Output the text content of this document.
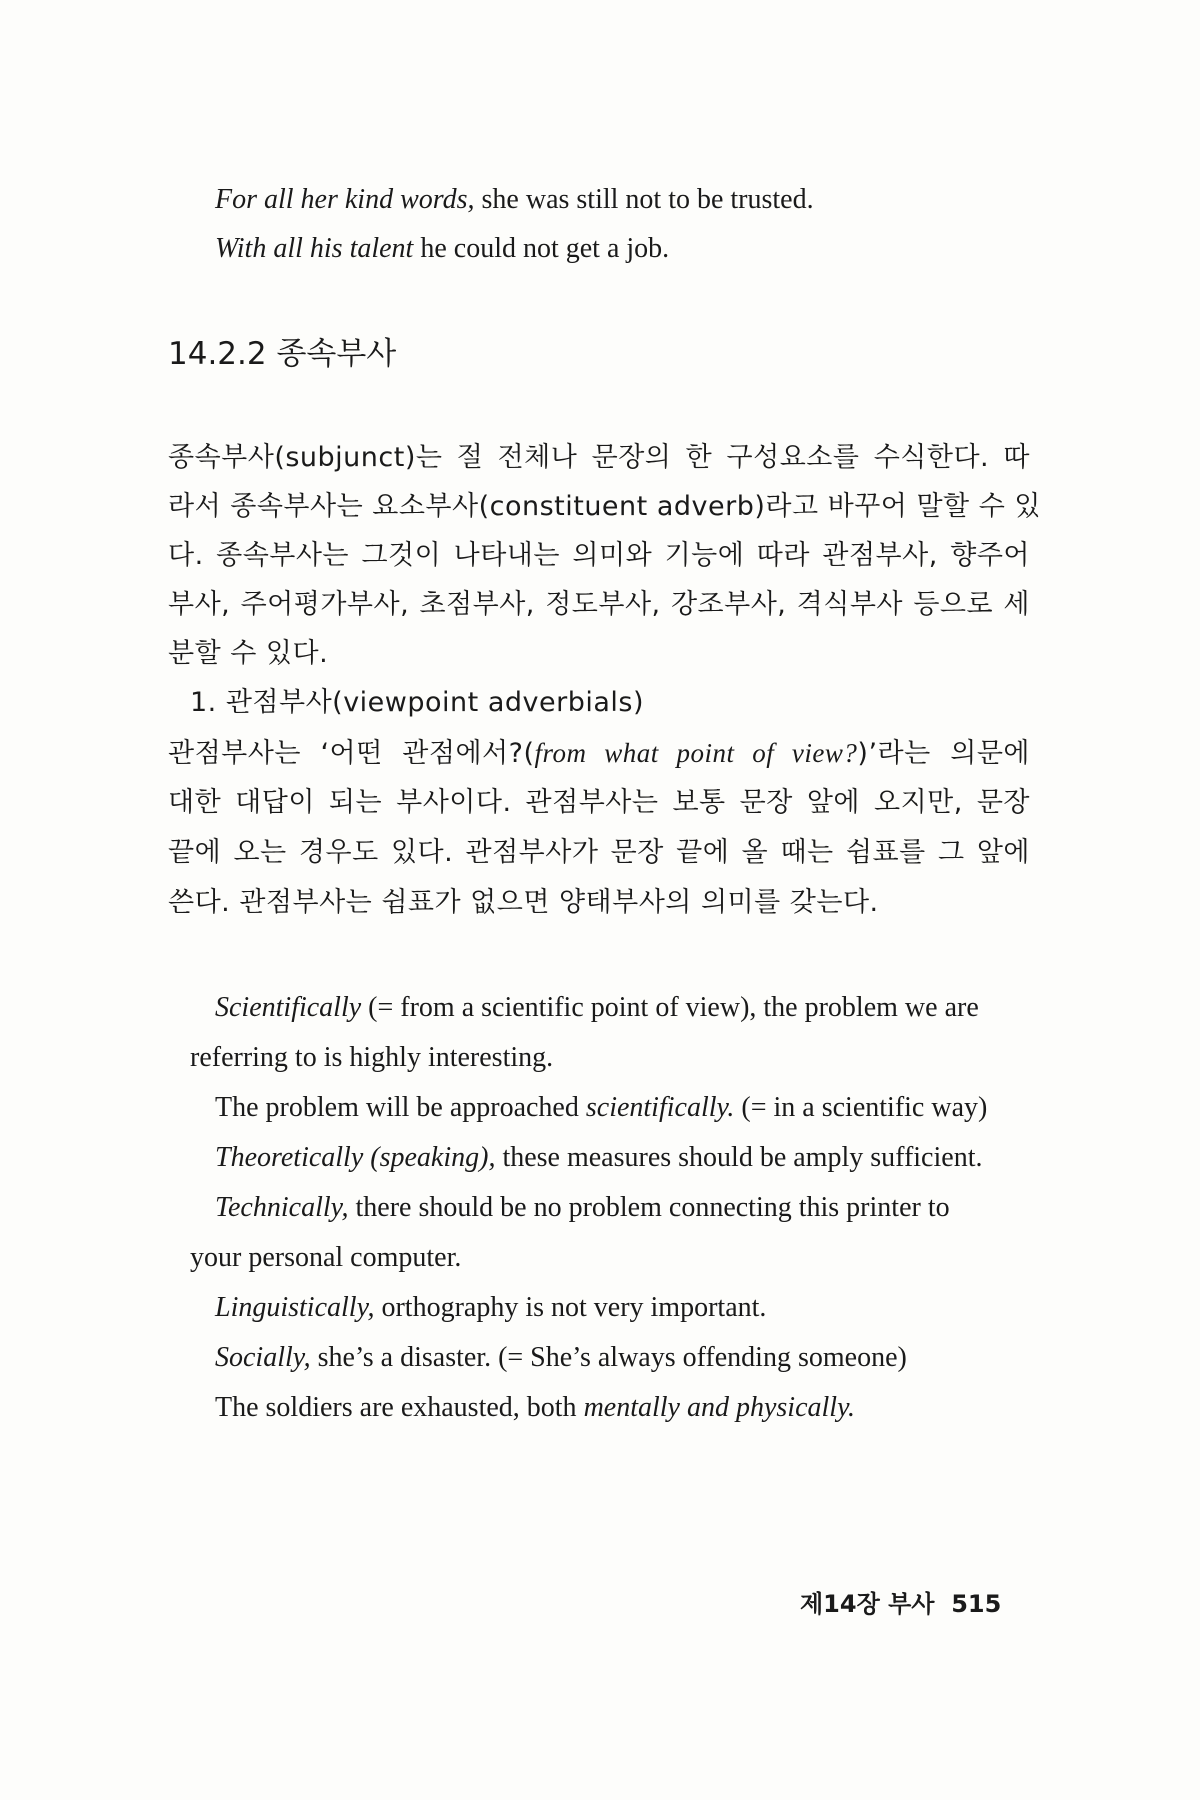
For all her kind words, she was still not to be trusted.
With all his talent he could not get a job.
14.2.2 종속부사
종속부사(subjunct)는 절 전체나 문장의 한 구성요소를 수식한다. 따
라서 종속부사는 요소부사(constituent adverb)라고 바꾸어 말할 수 있
다. 종속부사는 그것이 나타내는 의미와 기능에 따라 관점부사, 향주어
부사, 주어평가부사, 초점부사, 정도부사, 강조부사, 격식부사 등으로 세
분할 수 있다.
1. 관점부사(viewpoint adverbials)
관점부사는 ‘어떤 관점에서?(from what point of view?)’라는 의문에
대한 대답이 되는 부사이다. 관점부사는 보통 문장 앞에 오지만, 문장
끝에 오는 경우도 있다. 관점부사가 문장 끝에 올 때는 쉼표를 그 앞에
쓴다. 관점부사는 쉼표가 없으면 양태부사의 의미를 갖는다.
Scientifically (= from a scientific point of view), the problem we are
referring to is highly interesting.
The problem will be approached scientifically. (= in a scientific way)
Theoretically (speaking), these measures should be amply sufficient.
Technically, there should be no problem connecting this printer to
your personal computer.
Linguistically, orthography is not very important.
Socially, she’s a disaster. (= She’s always offending someone)
The soldiers are exhausted, both mentally and physically.
제14장 부사 515
